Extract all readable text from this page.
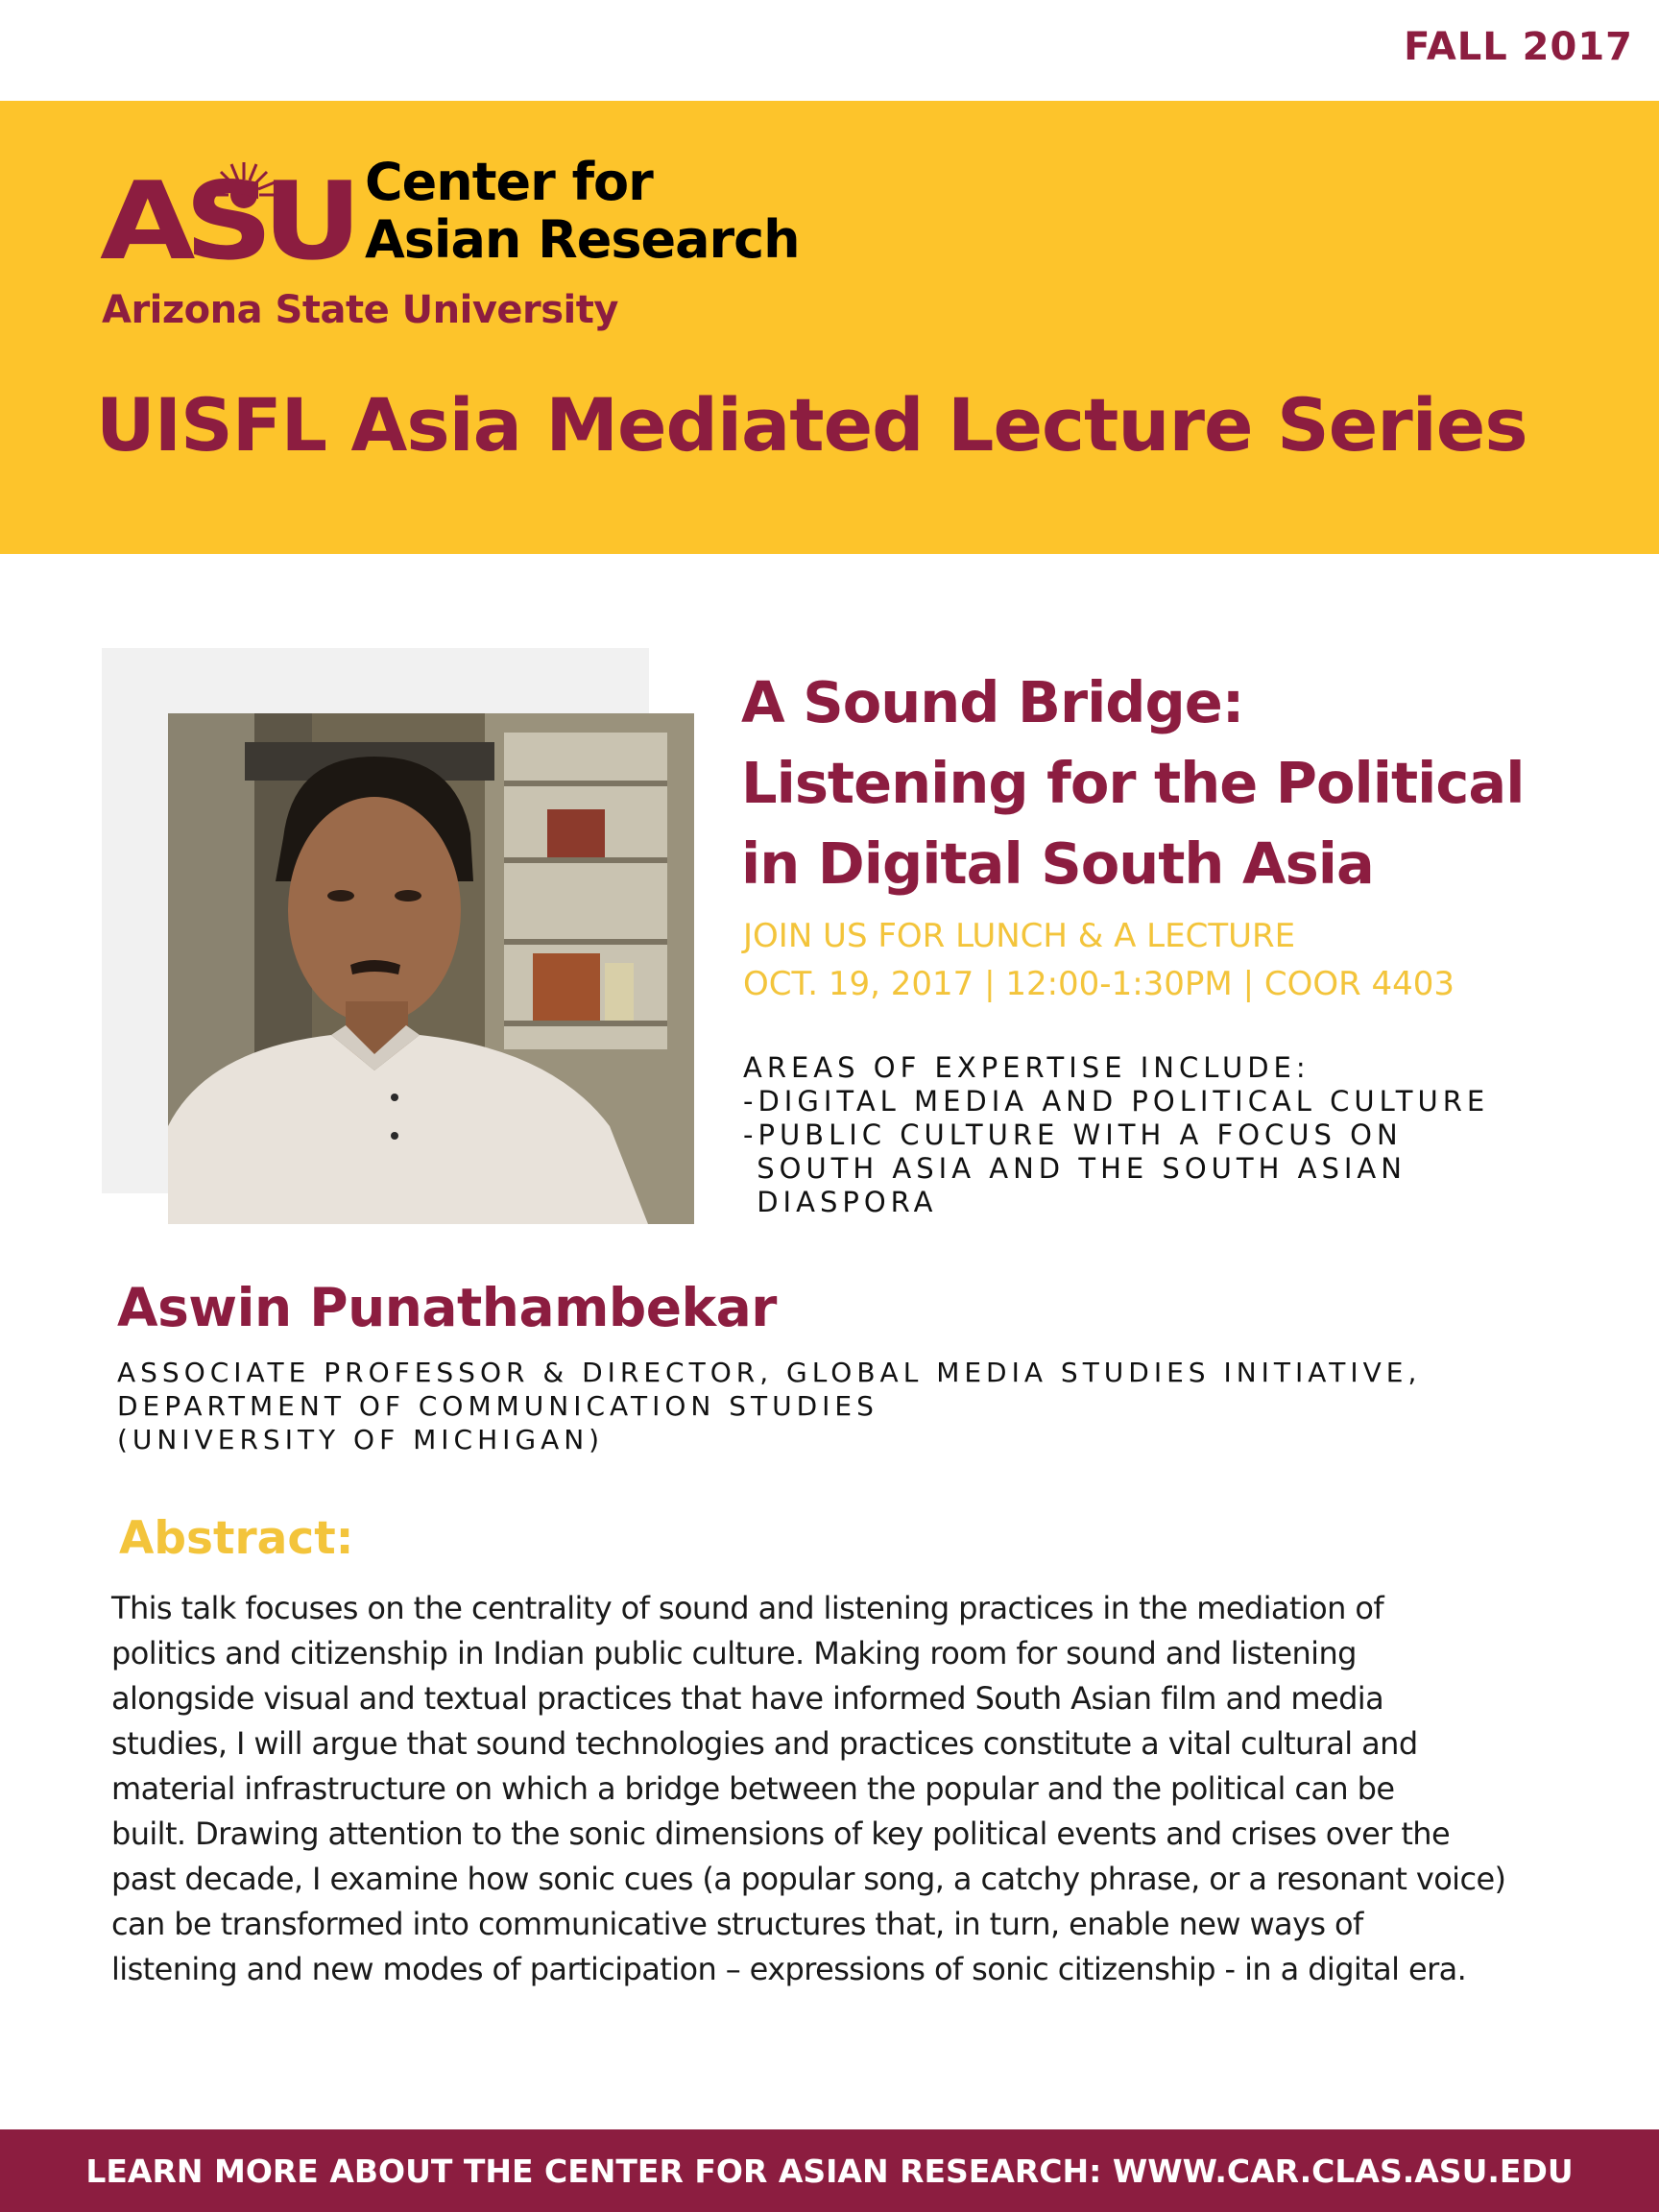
FALL 2017
ASU Center for
Asian Research
Arizona State University
UISFL Asia Mediated Lecture Series
A Sound Bridge:
Listening for the Political
in Digital South Asia
JOIN US FOR LUNCH & A LECTURE
OCT. 19, 2017 | 12:00-1:30PM | COOR 4403
AREAS OF EXPERTISE INCLUDE:
-DIGITAL MEDIA AND POLITICAL CULTURE
-PUBLIC CULTURE WITH A FOCUS ON
SOUTH ASIA AND THE SOUTH ASIAN
DIASPORA
Aswin Punathambekar
ASSOCIATE PROFESSOR & DIRECTOR, GLOBAL MEDIA STUDIES INITIATIVE,
DEPARTMENT OF COMMUNICATION STUDIES
(UNIVERSITY OF MICHIGAN)
Abstract:
This talk focuses on the centrality of sound and listening practices in the mediation of
politics and citizenship in Indian public culture. Making room for sound and listening
alongside visual and textual practices that have informed South Asian film and media
studies, I will argue that sound technologies and practices constitute a vital cultural and
material infrastructure on which a bridge between the popular and the political can be
built. Drawing attention to the sonic dimensions of key political events and crises over the
past decade, I examine how sonic cues (a popular song, a catchy phrase, or a resonant voice)
can be transformed into communicative structures that, in turn, enable new ways of
listening and new modes of participation – expressions of sonic citizenship - in a digital era.
LEARN MORE ABOUT THE CENTER FOR ASIAN RESEARCH: WWW.CAR.CLAS.ASU.EDU
